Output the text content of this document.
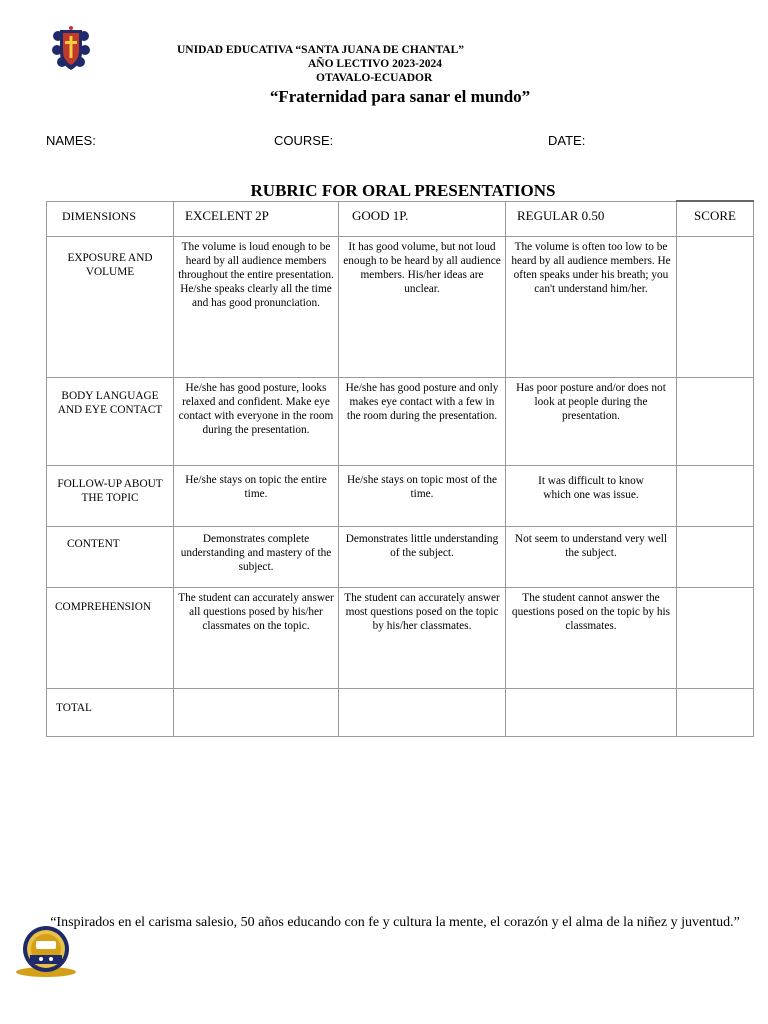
UNIDAD EDUCATIVA “SANTA JUANA DE CHANTAL”
AÑO LECTIVO 2023-2024
OTAVALO-ECUADOR
“Fraternidad para sanar el mundo”
NAMES:	COURSE:	DATE:
RUBRIC FOR ORAL PRESENTATIONS
DIMENSIONS	EXCELENT 2P	GOOD 1P.	REGULAR 0.50	SCORE
EXPOSURE AND VOLUME	The volume is loud enough to be heard by all audience members throughout the entire presentation. He/she speaks clearly all the time and has good pronunciation.	It has good volume, but not loud enough to be heard by all audience members. His/her ideas are unclear.	The volume is often too low to be heard by all audience members. He often speaks under his breath; you can't understand him/her.	
BODY LANGUAGE AND EYE CONTACT	He/she has good posture, looks relaxed and confident. Make eye contact with everyone in the room during the presentation.	He/she has good posture and only makes eye contact with a few in the room during the presentation.	Has poor posture and/or does not look at people during the presentation.	
FOLLOW-UP ABOUT THE TOPIC	He/she stays on topic the entire time.	He/she stays on topic most of the time.	It was difficult to know which one was issue.	
CONTENT	Demonstrates complete understanding and mastery of the subject.	Demonstrates little understanding of the subject.	Not seem to understand very well the subject.	
COMPREHENSION	The student can accurately answer all questions posed by his/her classmates on the topic.	The student can accurately answer most questions posed on the topic by his/her classmates.	The student cannot answer the questions posed on the topic by his classmates.	
TOTAL				
“Inspirados en el carisma salesio, 50 años educando con fe y cultura la mente, el corazón y el alma de la niñez y juventud.”
